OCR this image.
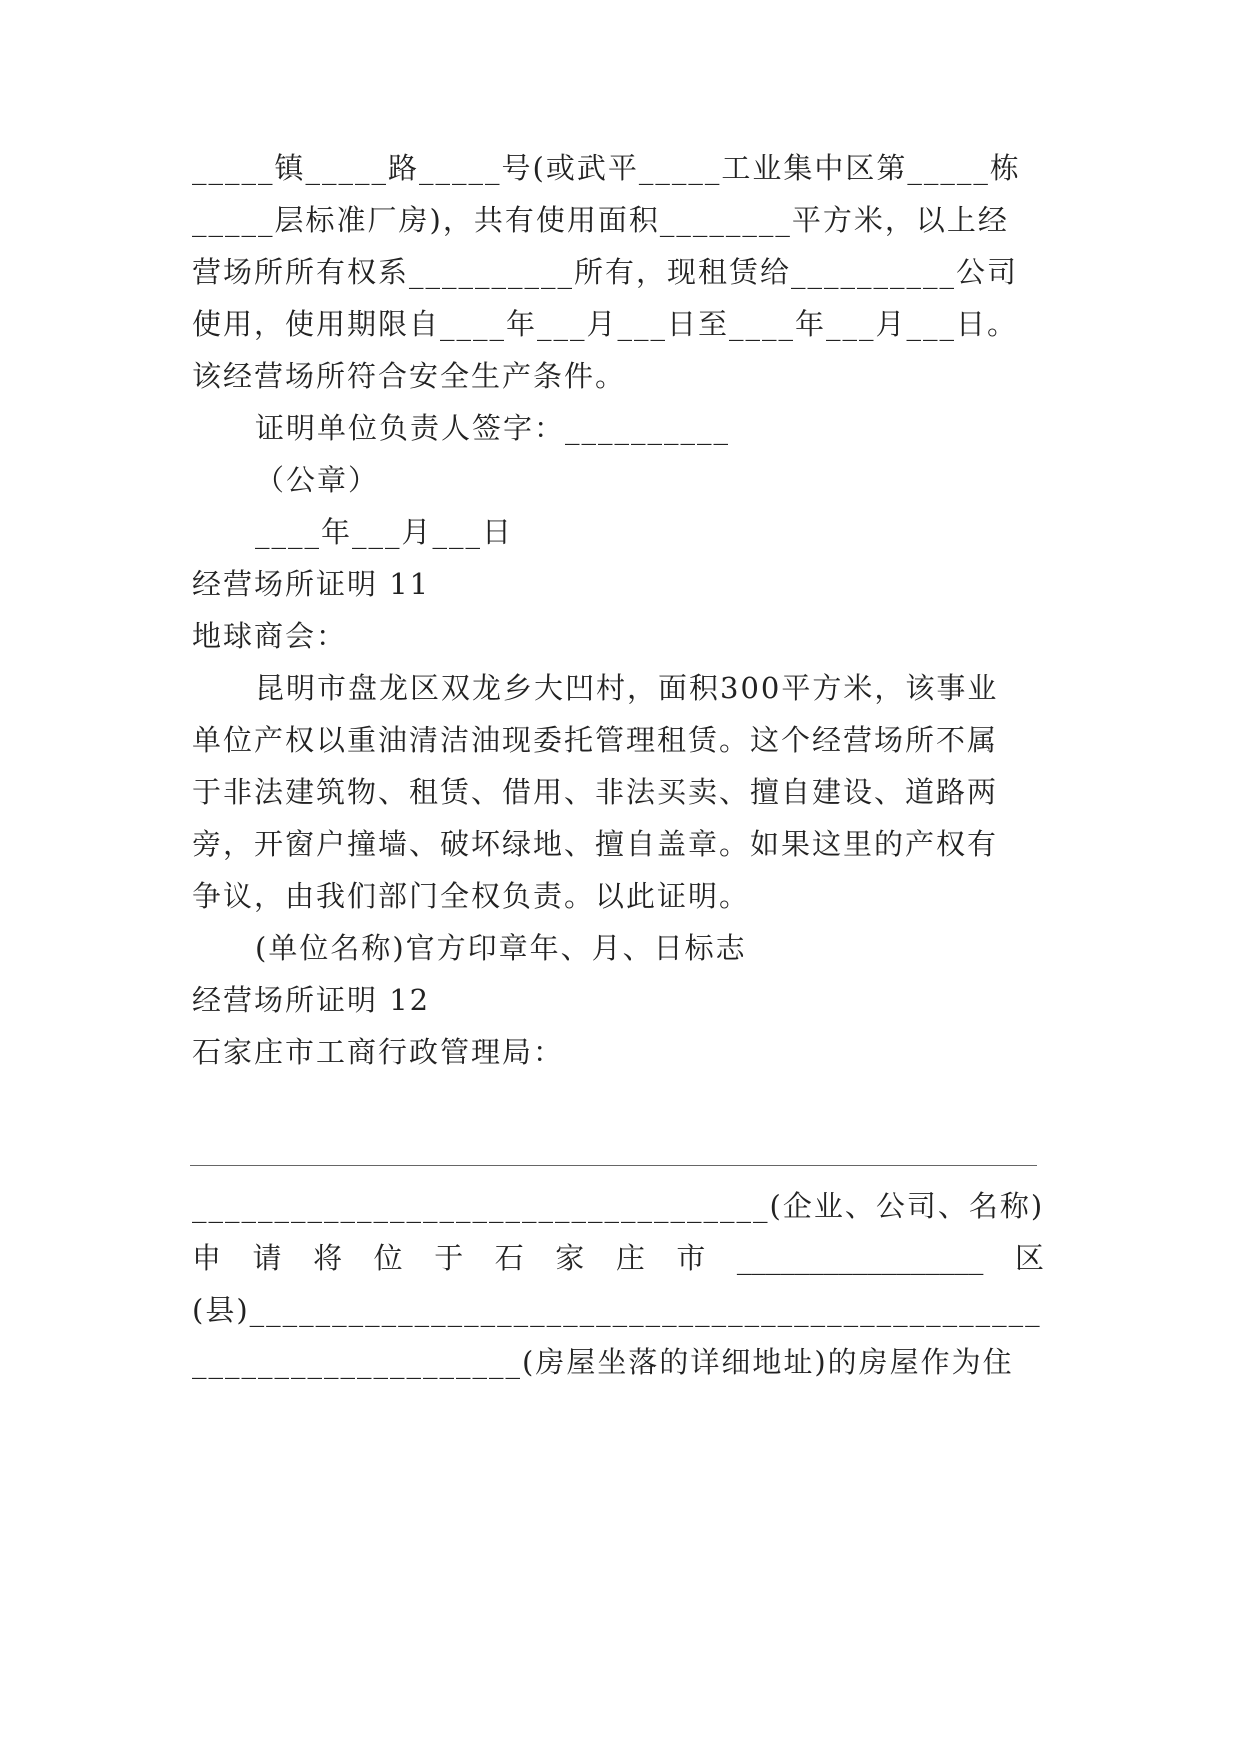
_____镇_____路_____号(或武平_____工业集中区第_____栋
_____层标准厂房)，共有使用面积________平方米，以上经
营场所所有权系__________所有，现租赁给__________公司
使用，使用期限自____年___月___日至____年___月___日。
该经营场所符合安全生产条件。
证明单位负责人签字：__________
（公章）
____年___月___日
经营场所证明 11
地球商会：
昆明市盘龙区双龙乡大凹村，面积300平方米，该事业
单位产权以重油清洁油现委托管理租赁。这个经营场所不属
于非法建筑物、租赁、借用、非法买卖、擅自建设、道路两
旁，开窗户撞墙、破坏绿地、擅自盖章。如果这里的产权有
争议，由我们部门全权负责。以此证明。
(单位名称)官方印章年、月、日标志
经营场所证明 12
石家庄市工商行政管理局：
___________________________________(企业、公司、名称)
申 请 将 位 于 石 家 庄 市 _________________ 区
(县)________________________________________________
____________________(房屋坐落的详细地址)的房屋作为住
